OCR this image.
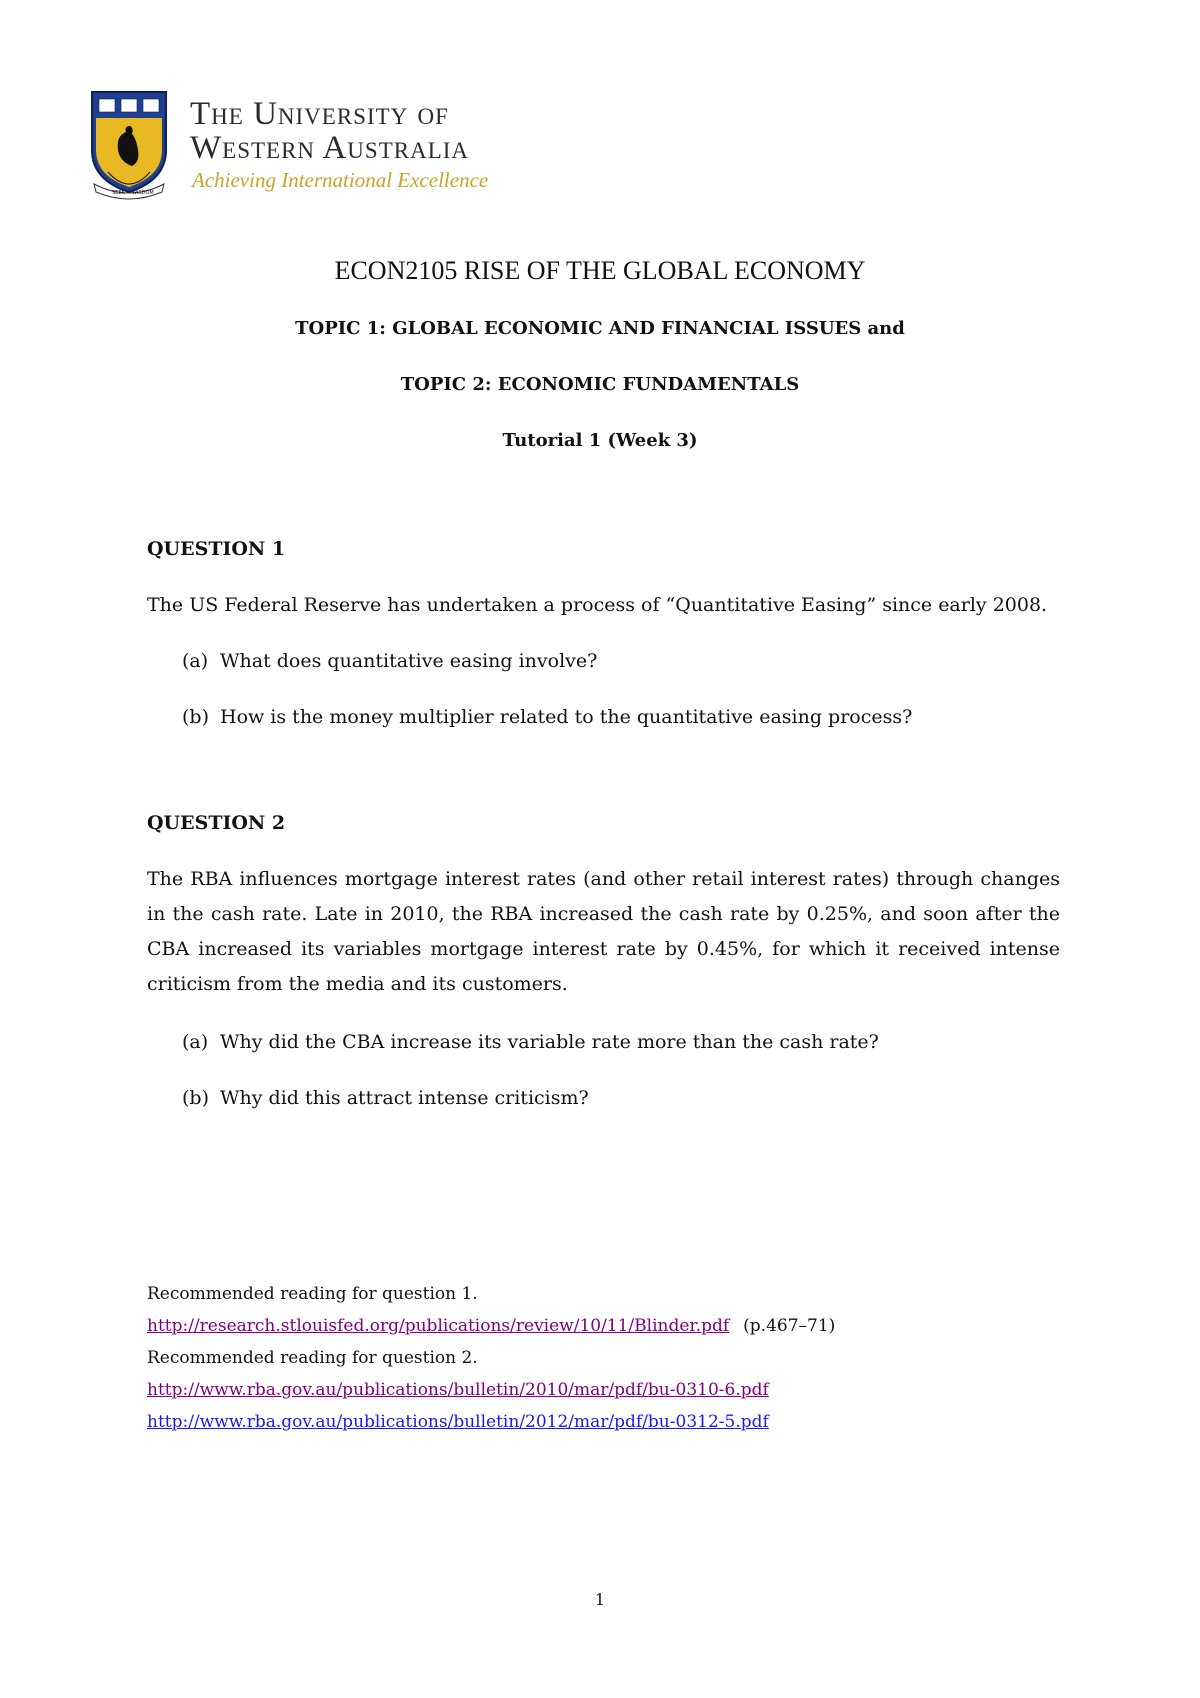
SEEK WISDOM
The University of
Western Australia
Achieving International Excellence
ECON2105 RISE OF THE GLOBAL ECONOMY
TOPIC 1: GLOBAL ECONOMIC AND FINANCIAL ISSUES and
TOPIC 2: ECONOMIC FUNDAMENTALS
Tutorial 1 (Week 3)
QUESTION 1
The US Federal Reserve has undertaken a process of “Quantitative Easing” since early 2008.
(a) What does quantitative easing involve?
(b) How is the money multiplier related to the quantitative easing process?
QUESTION 2
The RBA influences mortgage interest rates (and other retail interest rates) through changes in the cash rate. Late in 2010, the RBA increased the cash rate by 0.25%, and soon after the CBA increased its variables mortgage interest rate by 0.45%, for which it received intense criticism from the media and its customers.
(a) Why did the CBA increase its variable rate more than the cash rate?
(b) Why did this attract intense criticism?
Recommended reading for question 1.
http://research.stlouisfed.org/publications/review/10/11/Blinder.pdf (p.467–71)
Recommended reading for question 2.
http://www.rba.gov.au/publications/bulletin/2010/mar/pdf/bu-0310-6.pdf
http://www.rba.gov.au/publications/bulletin/2012/mar/pdf/bu-0312-5.pdf
1
